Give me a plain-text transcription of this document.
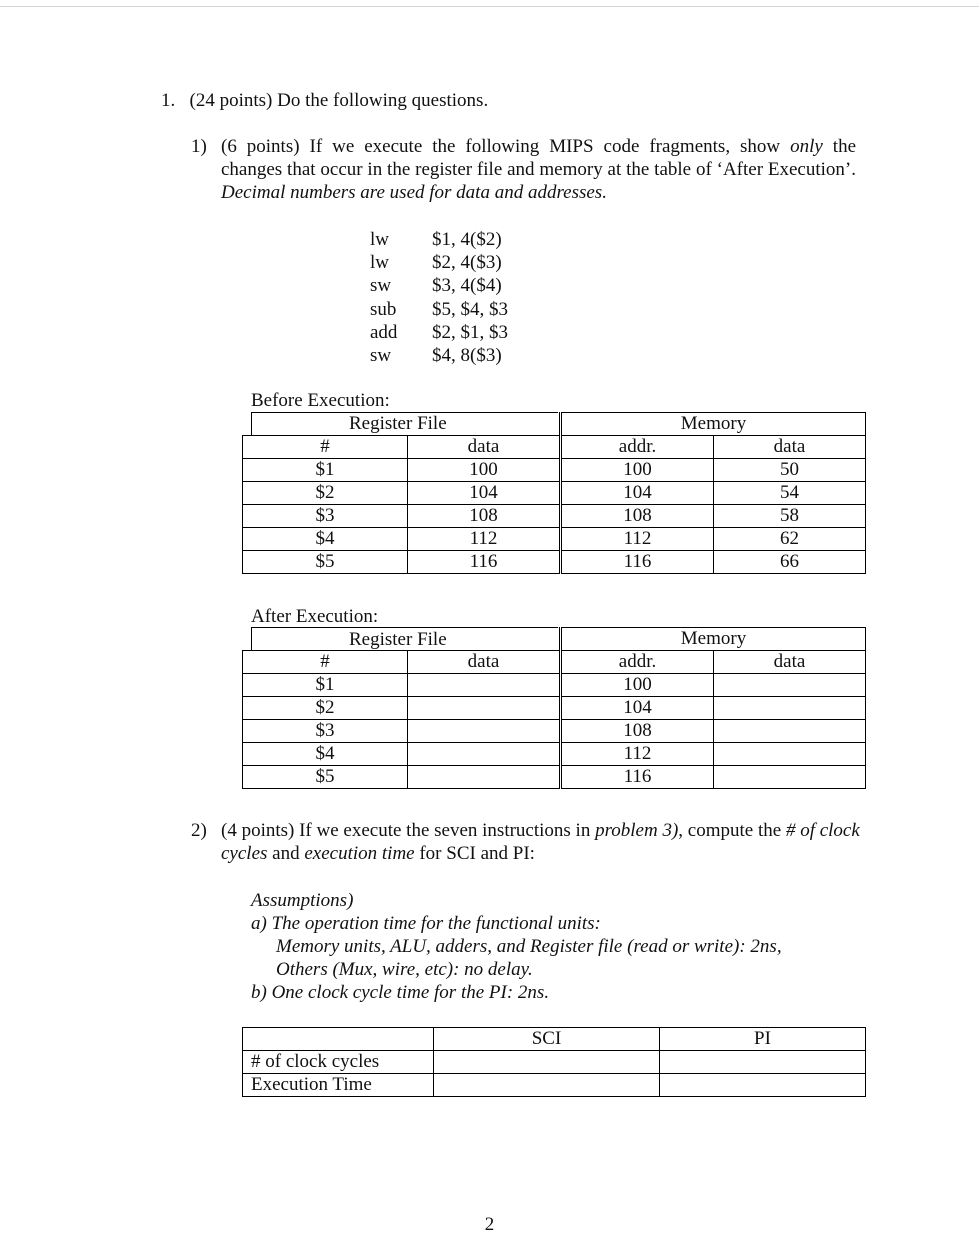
1. (24 points) Do the following questions.
1) (6 points) If we execute the following MIPS code fragments, show only the changes that occur in the register file and memory at the table of ‘After Execution’. Decimal numbers are used for data and addresses.
lw	$1, 4($2)
lw	$2, 4($3)
sw	$3, 4($4)
sub	$5, $4, $3
add	$2, $1, $3
sw	$4, 8($3)
Before Execution:
Register File
		Memory	
#	data	addr.	data
$1	100	100	50
$2	104	104	54
$3	108	108	58
$4	112	112	62
$5	116	116	66
After Execution:
Register File
		Memory	
#	data	addr.	data
$1		100	
$2		104	
$3		108	
$4		112	
$5		116	
2) (4 points) If we execute the seven instructions in problem 3), compute the # of clock cycles and execution time for SCI and PI:
Assumptions)
a) The operation time for the functional units:
Memory units, ALU, adders, and Register file (read or write): 2ns,
Others (Mux, wire, etc): no delay.
b) One clock cycle time for the PI: 2ns.
	SCI	PI
# of clock cycles		
Execution Time		
2
